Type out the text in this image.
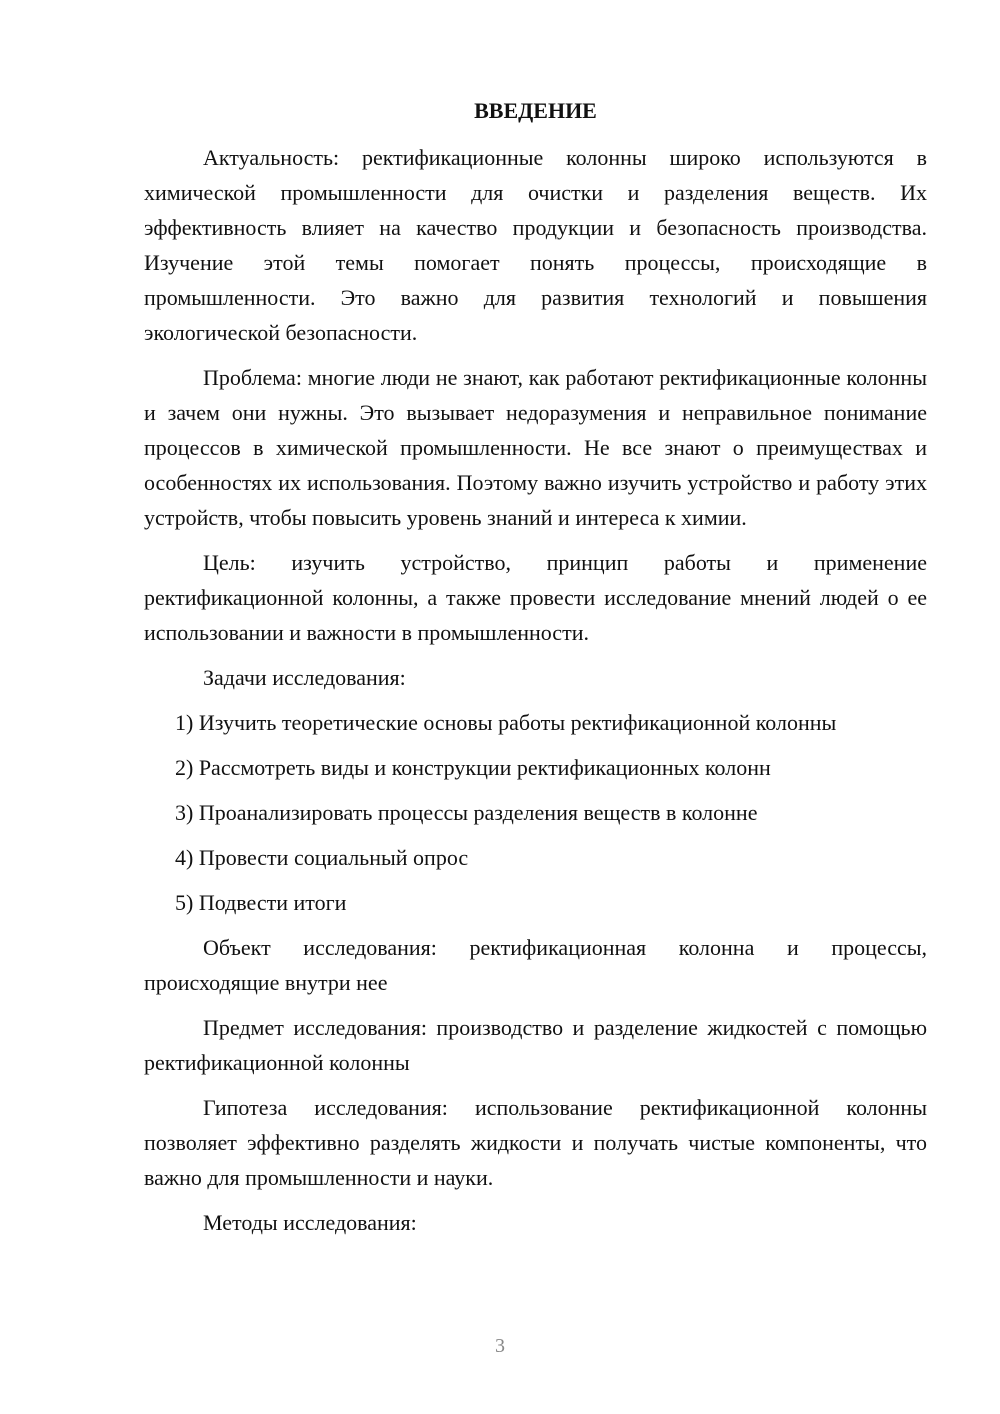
ВВЕДЕНИЕ

Актуальность: ректификационные колонны широко используются в химической промышленности для очистки и разделения веществ. Их эффективность влияет на качество продукции и безопасность производства. Изучение этой темы помогает понять процессы, происходящие в промышленности. Это важно для развития технологий и повышения экологической безопасности.

Проблема: многие люди не знают, как работают ректификационные колонны и зачем они нужны. Это вызывает недоразумения и неправильное понимание процессов в химической промышленности. Не все знают о преимуществах и особенностях их использования. Поэтому важно изучить устройство и работу этих устройств, чтобы повысить уровень знаний и интереса к химии.

Цель: изучить устройство, принцип работы и применение ректификационной колонны, а также провести исследование мнений людей о ее использовании и важности в промышленности.

Задачи исследования:

1) Изучить теоретические основы работы ректификационной колонны
2) Рассмотреть виды и конструкции ректификационных колонн
3) Проанализировать процессы разделения веществ в колонне
4) Провести социальный опрос
5) Подвести итоги

Объект исследования: ректификационная колонна и процессы, происходящие внутри нее

Предмет исследования: производство и разделение жидкостей с помощью ректификационной колонны

Гипотеза исследования: использование ректификационной колонны позволяет эффективно разделять жидкости и получать чистые компоненты, что важно для промышленности и науки.

Методы исследования:

3
